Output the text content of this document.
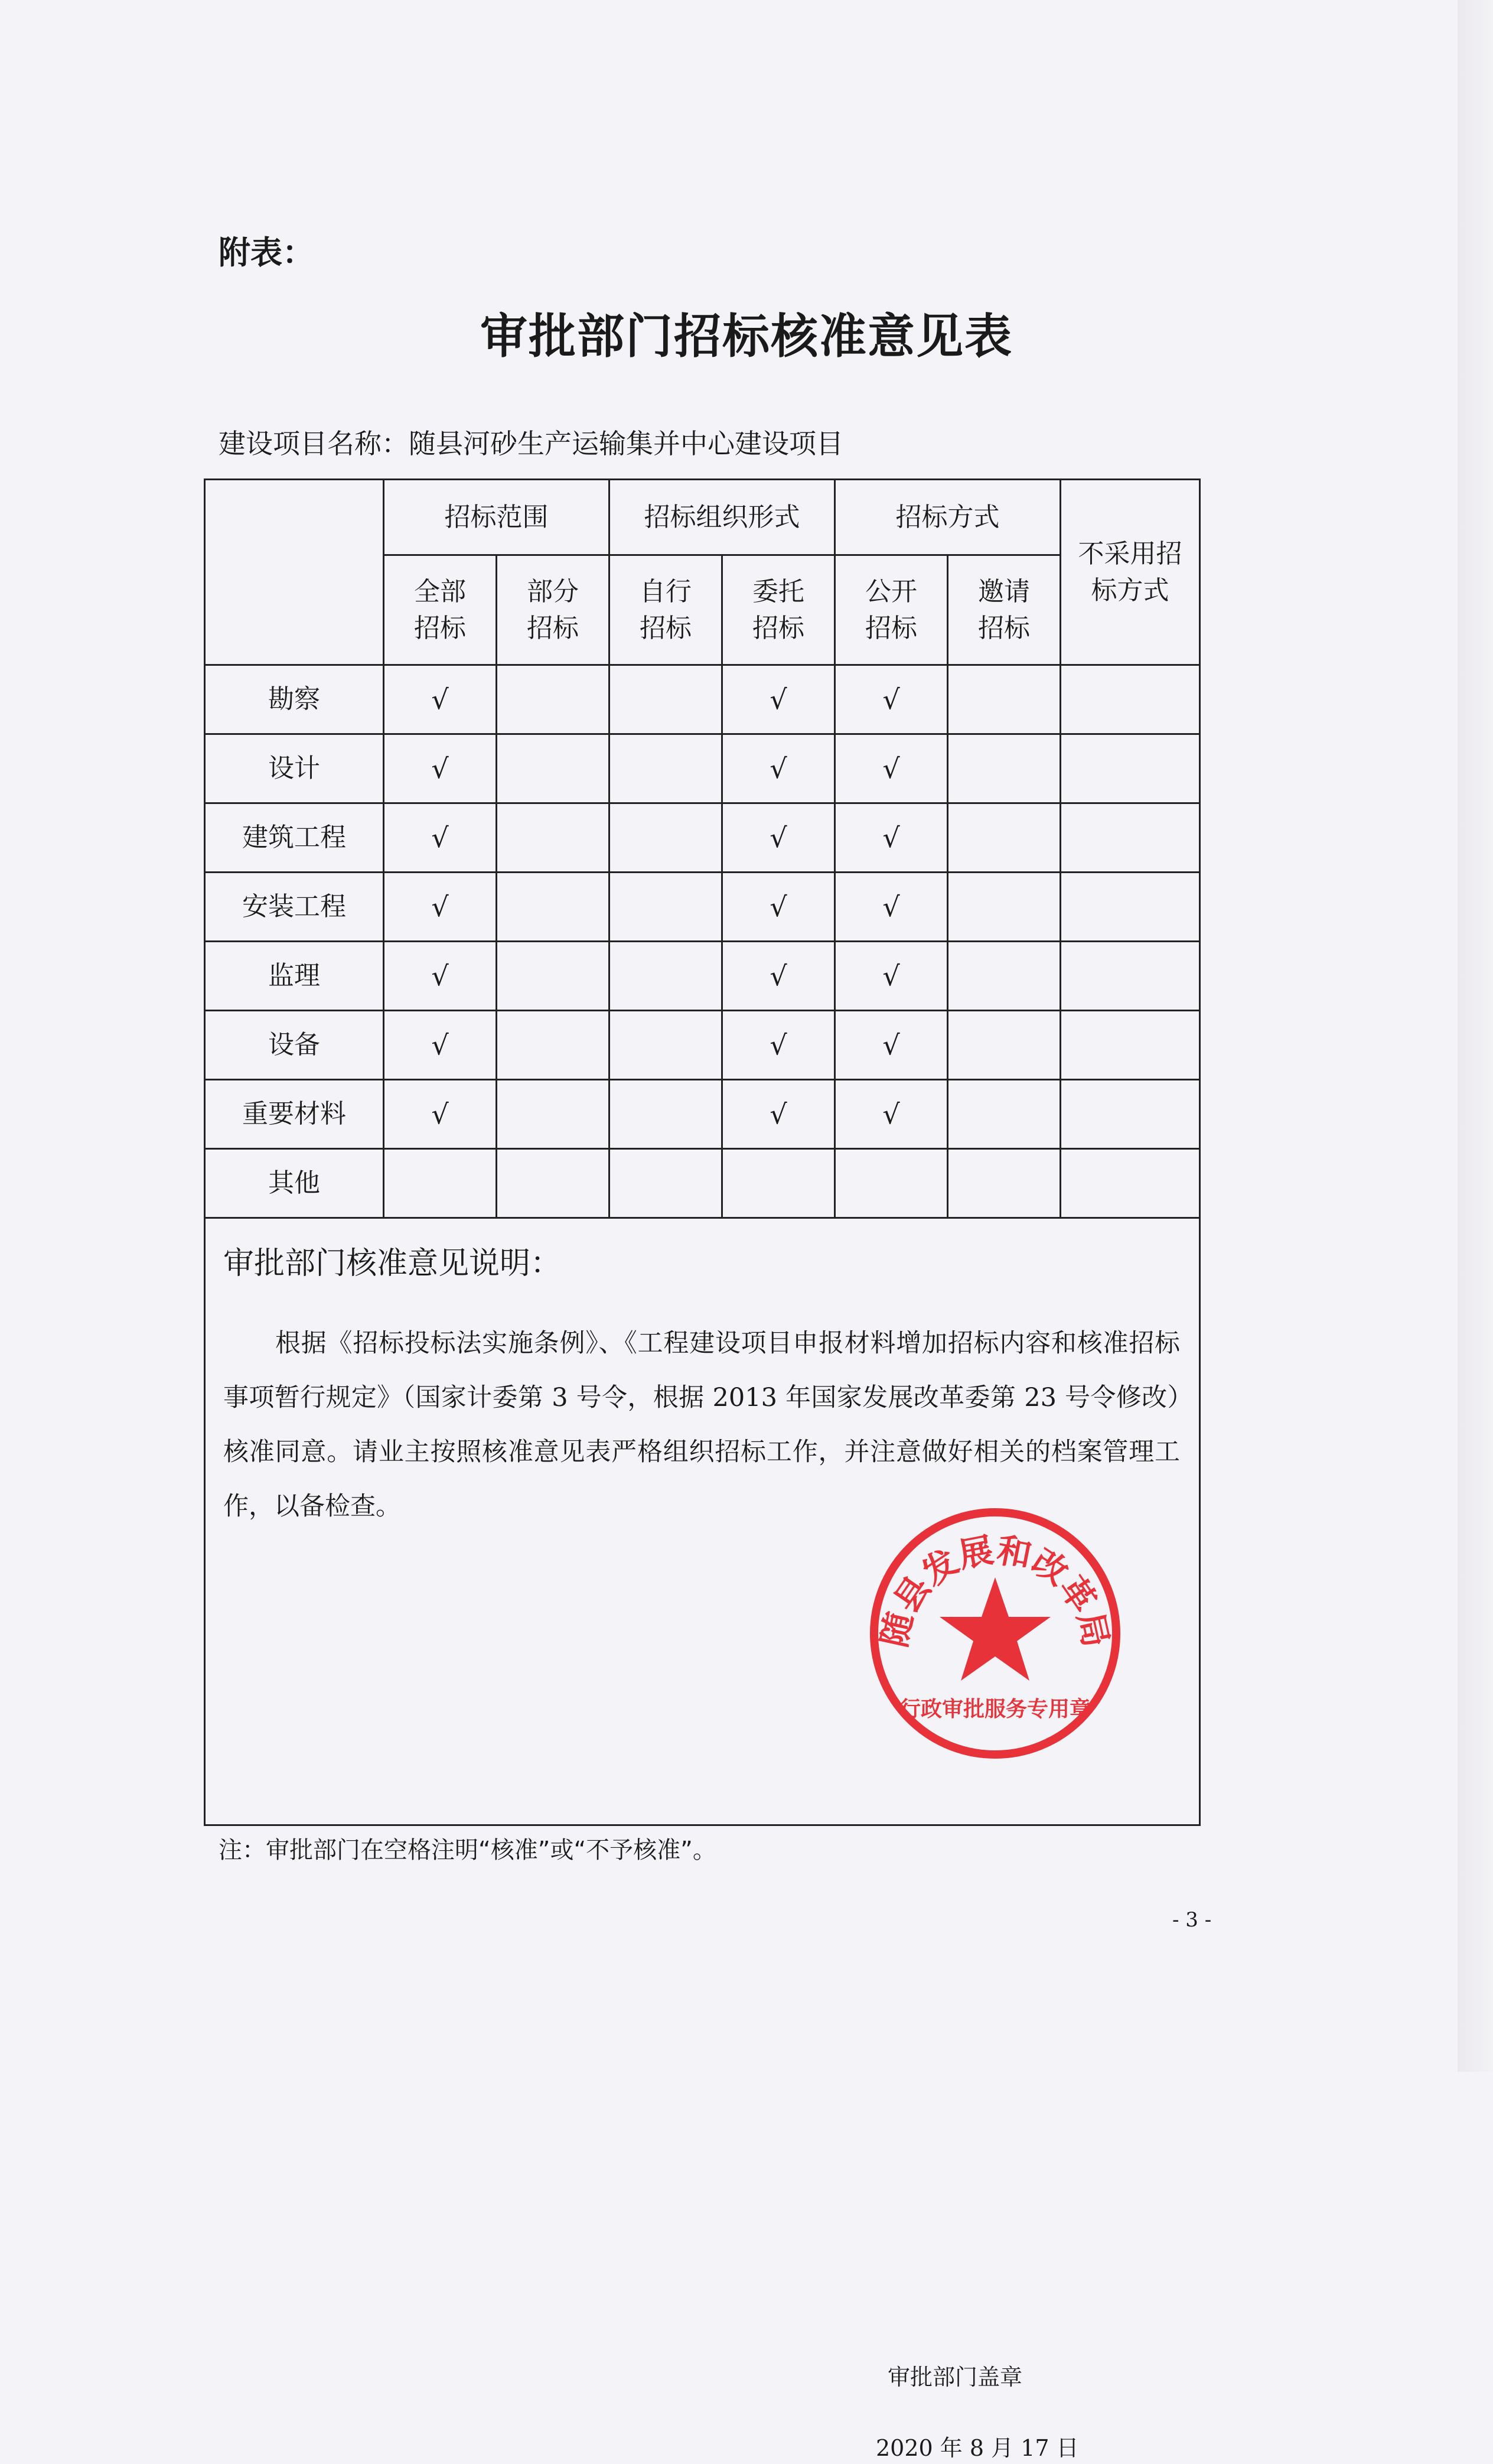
附表：
审批部门招标核准意见表
建设项目名称：随县河砂生产运输集并中心建设项目
	招标范围		招标组织形式		招标方式		不采用招标方式
	全部招标	部分招标	自行招标	委托招标	公开招标	邀请招标	
勘察	√			√	√		
设计	√			√	√		
建筑工程	√			√	√		
安装工程	√			√	√		
监理	√			√	√		
设备	√			√	√		
重要材料	√			√	√		
其他							

审批部门核准意见说明：
根据《招标投标法实施条例》、《工程建设项目申报材料增加招标内容和核准招标事项暂行规定》（国家计委第 3 号令，根据 2013 年国家发展改革委第 23 号令修改）核准同意。请业主按照核准意见表严格组织招标工作，并注意做好相关的档案管理工作，以备检查。
审批部门盖章
2020 年 8 月 17 日							
随县发展和改革局
行政审批服务专用章
注：审批部门在空格注明“核准”或“不予核准”。
- 3 -
